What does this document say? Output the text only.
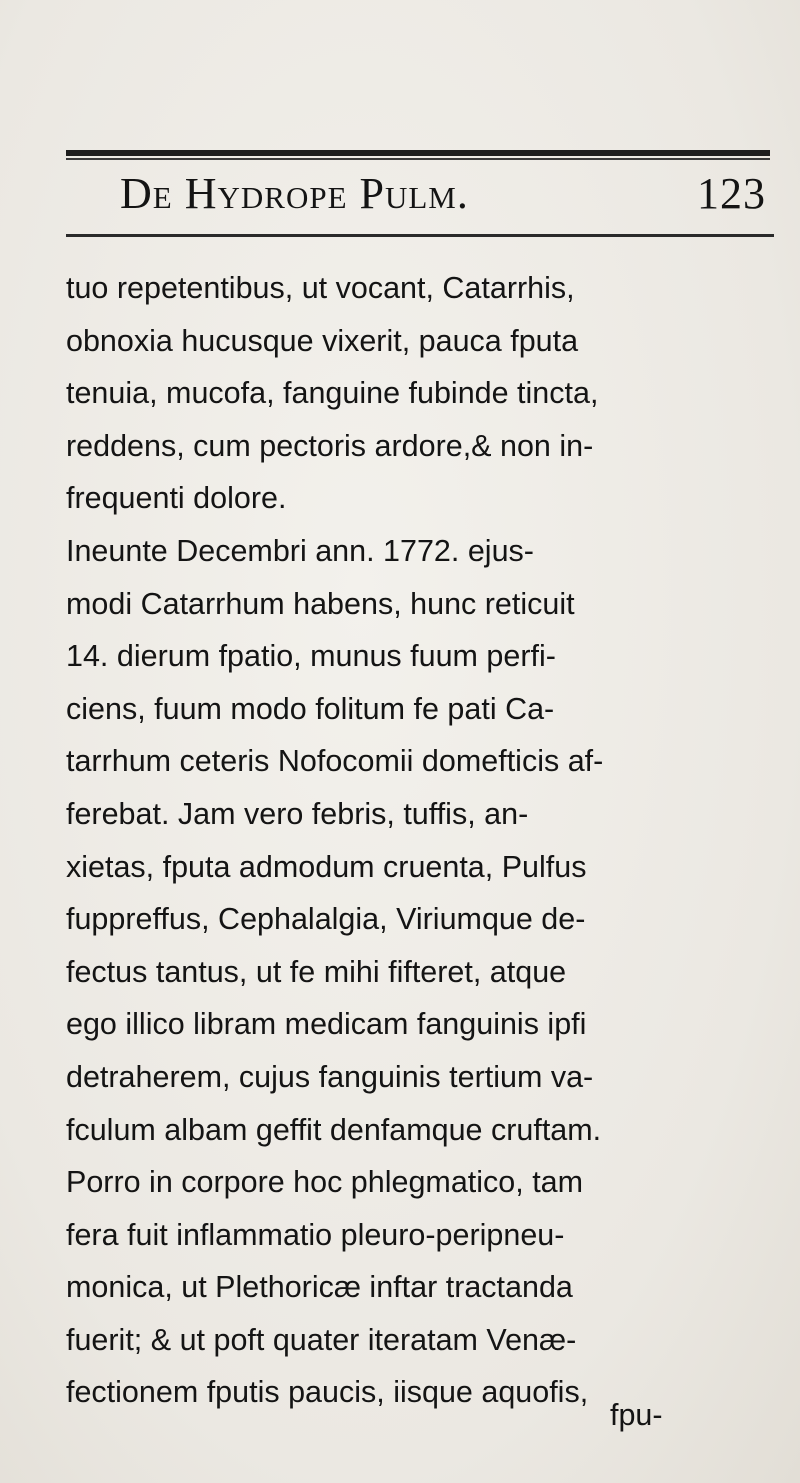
De Hydrope Pulm.	123
tuo repetentibus, ut vocant, Catarrhis,
obnoxia hucusque vixerit, pauca fputa
tenuia, mucofa, fanguine fubinde tincta,
reddens, cum pectoris ardore,& non in-
frequenti dolore.
Ineunte Decembri ann. 1772. ejus-
modi Catarrhum habens, hunc reticuit
14. dierum fpatio, munus fuum perfi-
ciens, fuum modo folitum fe pati Ca-
tarrhum ceteris Nofocomii domefticis af-
ferebat. Jam vero febris, tuffis, an-
xietas, fputa admodum cruenta, Pulfus
fuppreffus, Cephalalgia, Viriumque de-
fectus tantus, ut fe mihi fifteret, atque
ego illico libram medicam fanguinis ipfi
detraherem, cujus fanguinis tertium va-
fculum albam geffit denfamque cruftam.
Porro in corpore hoc phlegmatico, tam
fera fuit inflammatio pleuro-peripneu-
monica, ut Plethoricæ inftar tractanda
fuerit; & ut poft quater iteratam Venæ-
fectionem fputis paucis, iisque aquofis,
fpu-
